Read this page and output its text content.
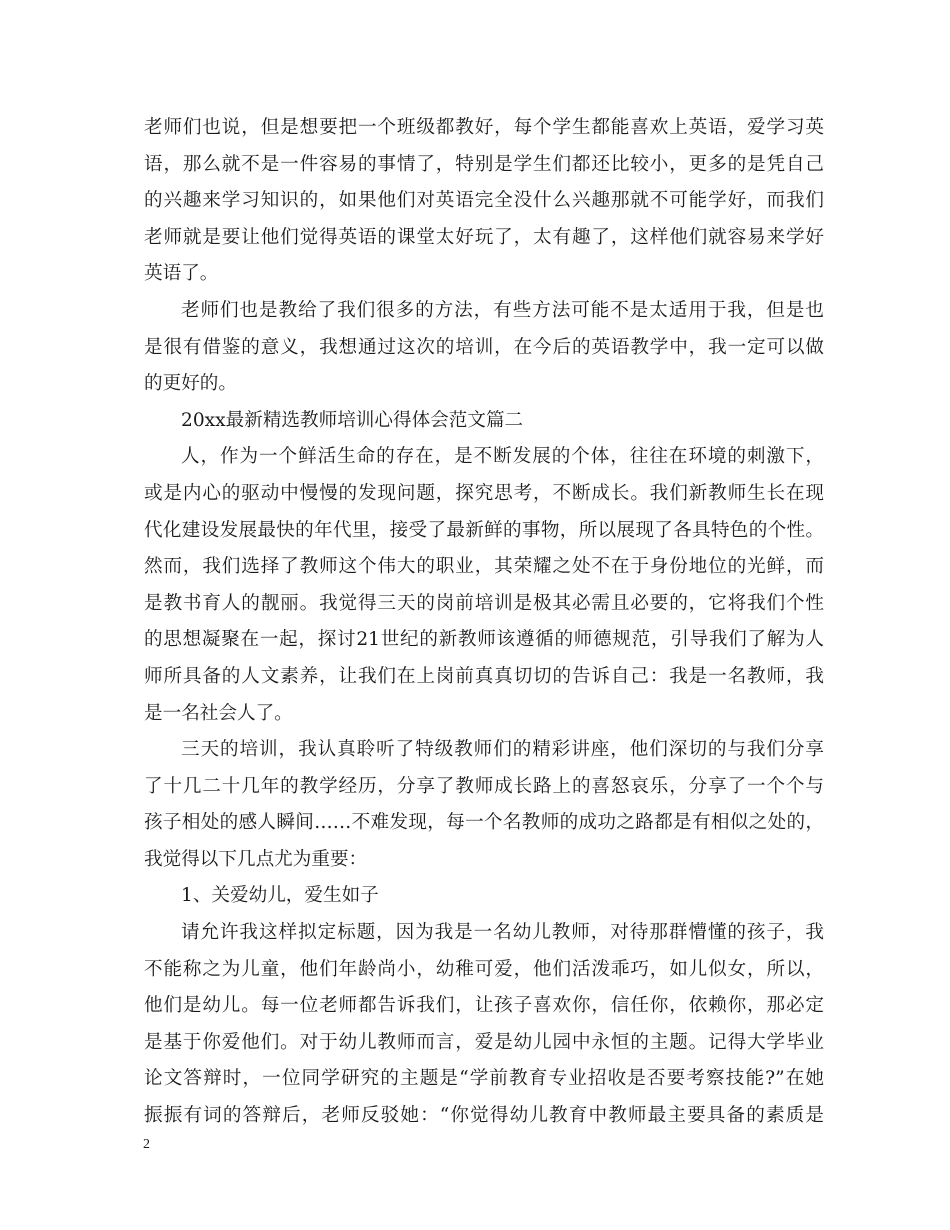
老师们也说，但是想要把一个班级都教好，每个学生都能喜欢上英语，爱学习英
语，那么就不是一件容易的事情了，特别是学生们都还比较小，更多的是凭自己
的兴趣来学习知识的，如果他们对英语完全没什么兴趣那就不可能学好，而我们
老师就是要让他们觉得英语的课堂太好玩了，太有趣了，这样他们就容易来学好
英语了。
老师们也是教给了我们很多的方法，有些方法可能不是太适用于我，但是也
是很有借鉴的意义，我想通过这次的培训，在今后的英语教学中，我一定可以做
的更好的。
20xx最新精选教师培训心得体会范文篇二
人，作为一个鲜活生命的存在，是不断发展的个体，往往在环境的刺激下，
或是内心的驱动中慢慢的发现问题，探究思考，不断成长。我们新教师生长在现
代化建设发展最快的年代里，接受了最新鲜的事物，所以展现了各具特色的个性。
然而，我们选择了教师这个伟大的职业，其荣耀之处不在于身份地位的光鲜，而
是教书育人的靓丽。我觉得三天的岗前培训是极其必需且必要的，它将我们个性
的思想凝聚在一起，探讨21世纪的新教师该遵循的师德规范，引导我们了解为人
师所具备的人文素养，让我们在上岗前真真切切的告诉自己：我是一名教师，我
是一名社会人了。
三天的培训，我认真聆听了特级教师们的精彩讲座，他们深切的与我们分享
了十几二十几年的教学经历，分享了教师成长路上的喜怒哀乐，分享了一个个与
孩子相处的感人瞬间……不难发现，每一个名教师的成功之路都是有相似之处的，
我觉得以下几点尤为重要：
1、关爱幼儿，爱生如子
请允许我这样拟定标题，因为我是一名幼儿教师，对待那群懵懂的孩子，我
不能称之为儿童，他们年龄尚小，幼稚可爱，他们活泼乖巧，如儿似女，所以，
他们是幼儿。每一位老师都告诉我们，让孩子喜欢你，信任你，依赖你，那必定
是基于你爱他们。对于幼儿教师而言，爱是幼儿园中永恒的主题。记得大学毕业
论文答辩时，一位同学研究的主题是“学前教育专业招收是否要考察技能?”在她
振振有词的答辩后，老师反驳她：“你觉得幼儿教育中教师最主要具备的素质是
2
